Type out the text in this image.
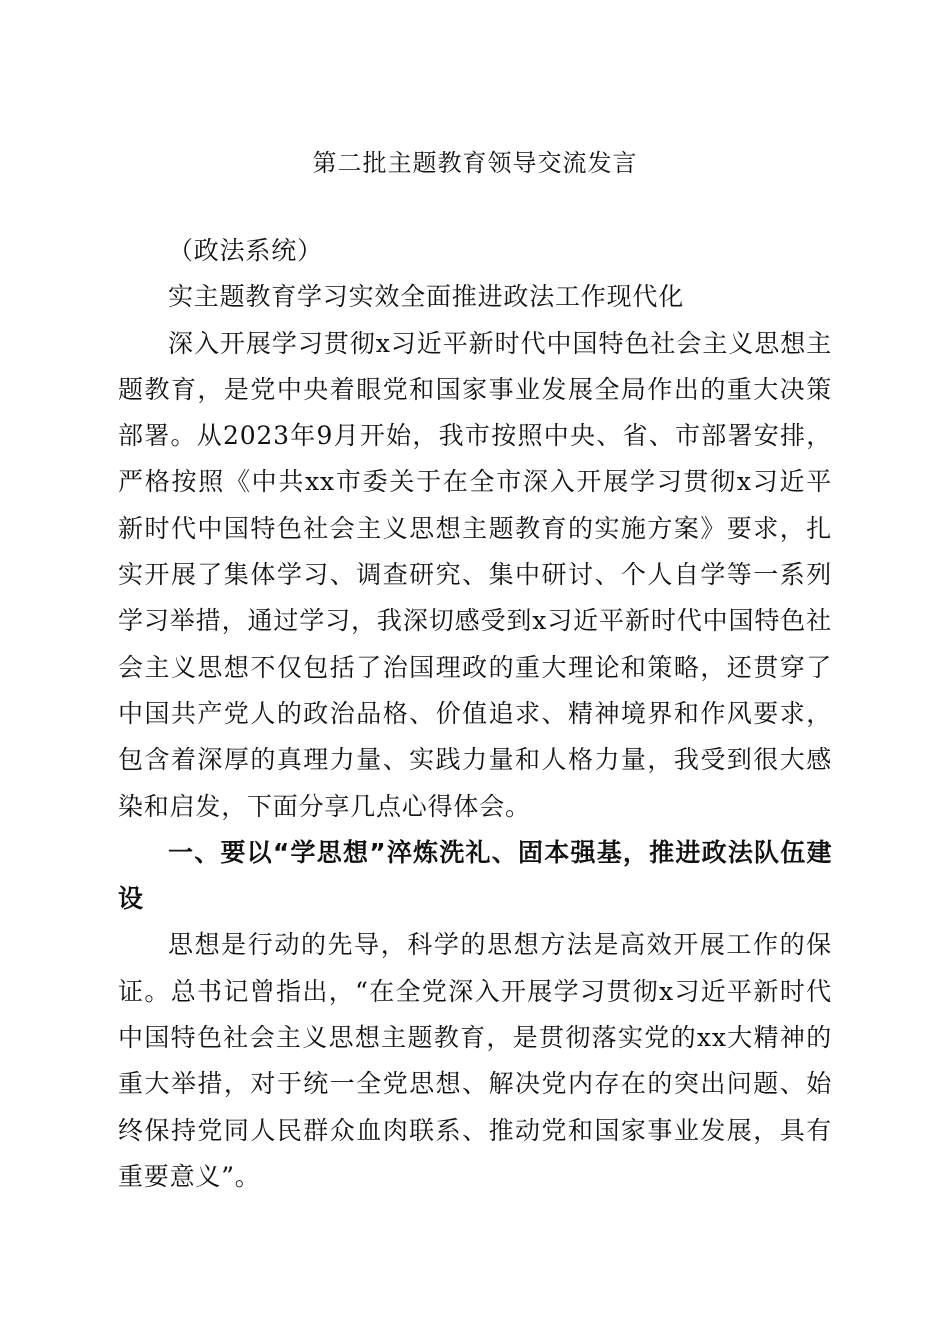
第二批主题教育领导交流发言

（政法系统）

实主题教育学习实效全面推进政法工作现代化

深入开展学习贯彻x习近平新时代中国特色社会主义思想主题教育，是党中央着眼党和国家事业发展全局作出的重大决策部署。从2023年9月开始，我市按照中央、省、市部署安排，严格按照《中共xx市委关于在全市深入开展学习贯彻x习近平新时代中国特色社会主义思想主题教育的实施方案》要求，扎实开展了集体学习、调查研究、集中研讨、个人自学等一系列学习举措，通过学习，我深切感受到x习近平新时代中国特色社会主义思想不仅包括了治国理政的重大理论和策略，还贯穿了中国共产党人的政治品格、价值追求、精神境界和作风要求，包含着深厚的真理力量、实践力量和人格力量，我受到很大感染和启发，下面分享几点心得体会。

一、要以“学思想”淬炼洗礼、固本强基，推进政法队伍建设

思想是行动的先导，科学的思想方法是高效开展工作的保证。总书记曾指出，“在全党深入开展学习贯彻x习近平新时代中国特色社会主义思想主题教育，是贯彻落实党的xx大精神的重大举措，对于统一全党思想、解决党内存在的突出问题、始终保持党同人民群众血肉联系、推动党和国家事业发展，具有重要意义”。
